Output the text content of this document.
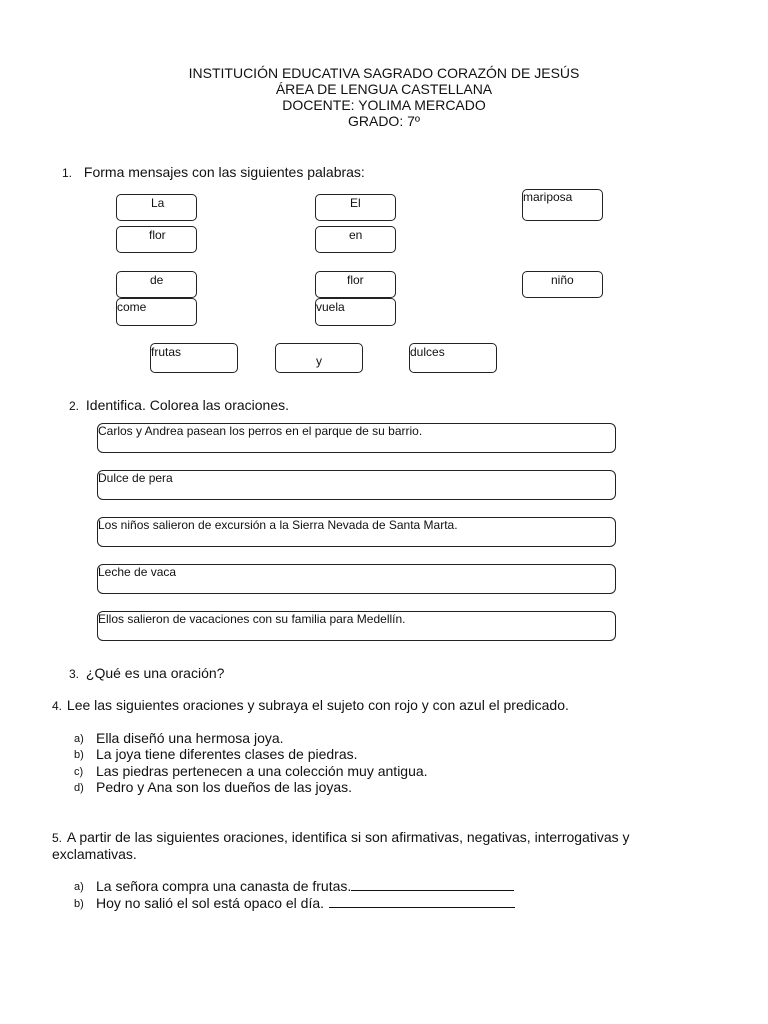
INSTITUCIÓN EDUCATIVA SAGRADO CORAZÓN DE JESÚS
ÁREA DE LENGUA CASTELLANA
DOCENTE: YOLIMA MERCADO
GRADO: 7º
1. Forma mensajes con las siguientes palabras:
La	El	mariposa
flor	en
de	flor	niño
come	vuela
frutas
y
dulces
2. Identifica. Colorea las oraciones.
Carlos y Andrea pasean los perros en el parque de su barrio.
Dulce de pera
Los niños salieron de excursión a la Sierra Nevada de Santa Marta.
Leche de vaca
Ellos salieron de vacaciones con su familia para Medellín.
3. ¿Qué es una oración?
4. Lee las siguientes oraciones y subraya el sujeto con rojo y con azul el predicado.
a) Ella diseñó una hermosa joya.
b) La joya tiene diferentes clases de piedras.
c) Las piedras pertenecen a una colección muy antigua.
d) Pedro y Ana son los dueños de las joyas.
5. A partir de las siguientes oraciones, identifica si son afirmativas, negativas, interrogativas y
exclamativas.
a) La señora compra una canasta de frutas.
b) Hoy no salió el sol está opaco el día.
